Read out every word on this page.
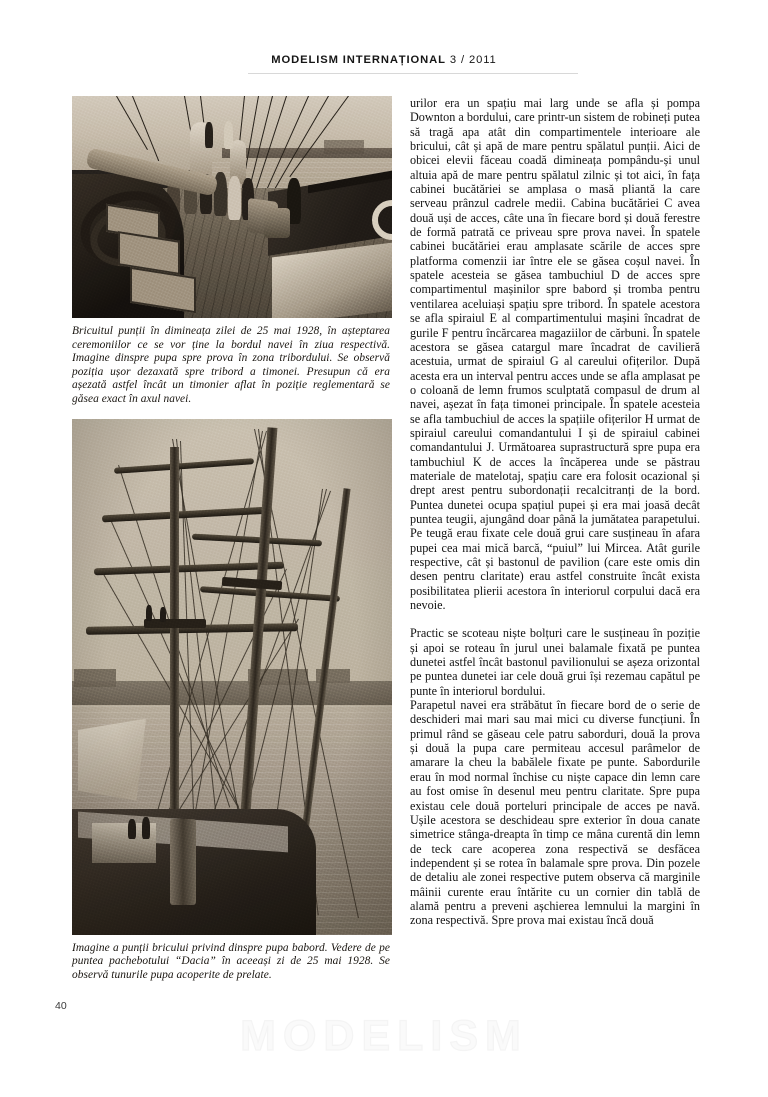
MODELISM INTERNAȚIONAL 3 / 2011
Bricuitul punții în dimineața zilei de 25 mai 1928, în așteptarea ceremoniilor ce se vor ține la bordul navei în ziua respectivă. Imagine dinspre pupa spre prova în zona tribordului. Se observă poziția ușor dezaxată spre tribord a timonei. Presupun că era așezată astfel încât un timonier aflat în poziție reglementară se găsea exact în axul navei.
Imagine a punții bricului privind dinspre pupa babord. Vedere de pe puntea pachebotului “Dacia” în aceeași zi de 25 mai 1928. Se observă tunurile pupa acoperite de prelate.

urilor era un spațiu mai larg unde se afla și pompa Downton a bordului, care printr-un sistem de robineți putea să tragă apa atât din compartimentele interioare ale bricului, cât și apă de mare pentru spălatul punții. Aici de obicei elevii făceau coadă dimineața pompându-și unul altuia apă de mare pentru spălatul zilnic și tot aici, în fața cabinei bucătăriei se amplasa o masă pliantă la care serveau prânzul cadrele medii. Cabina bucătăriei C avea două uși de acces, câte una în fiecare bord și două ferestre de formă patrată ce priveau spre prova navei. În spatele cabinei bucătăriei erau amplasate scările de acces spre platforma comenzii iar între ele se găsea coșul navei. În spatele acesteia se găsea tambuchiul D de acces spre compartimentul mașinilor spre babord și tromba pentru ventilarea aceluiași spațiu spre tribord. În spatele acestora se afla spiraiul E al compartimentului mașini încadrat de gurile F pentru încărcarea magaziilor de cărbuni. În spatele acestora se găsea catargul mare încadrat de cavilieră acestuia, urmat de spiraiul G al careului ofițerilor. După acesta era un interval pentru acces unde se afla amplasat pe o coloană de lemn frumos sculptată compasul de drum al navei, așezat în fața timonei principale. În spatele acesteia se afla tambuchiul de acces la spațiile ofițerilor H urmat de spiraiul careului comandantului I și de spiraiul cabinei comandantului J. Următoarea suprastructură spre pupa era tambuchiul K de acces la încăperea unde se păstrau materiale de matelotaj, spațiu care era folosit ocazional și drept arest pentru subordonații recalcitranți de la bord. Puntea dunetei ocupa spațiul pupei și era mai joasă decât puntea teugii, ajungând doar până la jumătatea parapetului. Pe teugă erau fixate cele două grui care susțineau în afara pupei cea mai mică barcă, “puiul” lui Mircea. Atât gurile respective, cât și bastonul de pavilion (care este omis din desen pentru claritate) erau astfel construite încât exista posibilitatea plierii acestora în interiorul corpului dacă era nevoie.

Practic se scoteau niște bolțuri care le susțineau în poziție și apoi se roteau în jurul unei balamale fixată pe puntea dunetei astfel încât bastonul pavilionului se așeza orizontal pe puntea dunetei iar cele două grui își rezemau capătul pe punte în interiorul bordului.

Parapetul navei era străbătut în fiecare bord de o serie de deschideri mai mari sau mai mici cu diverse funcțiuni. În primul rând se găseau cele patru saborduri, două la prova și două la pupa care permiteau accesul parâmelor de amarare la cheu la babălele fixate pe punte. Sabordurile erau în mod normal închise cu niște capace din lemn care au fost omise în desenul meu pentru claritate. Spre pupa existau cele două porteluri principale de acces pe navă. Ușile acestora se deschideau spre exterior în doua canate simetrice stânga-dreapta în timp ce mâna curentă din lemn de teck care acoperea zona respectivă se desfăcea independent și se rotea în balamale spre prova. Din pozele de detaliu ale zonei respective putem observa că marginile mâinii curente erau întărite cu un cornier din tablă de alamă pentru a preveni așchierea lemnului la margini în zona respectivă. Spre prova mai existau încă două

40
MODELISM
